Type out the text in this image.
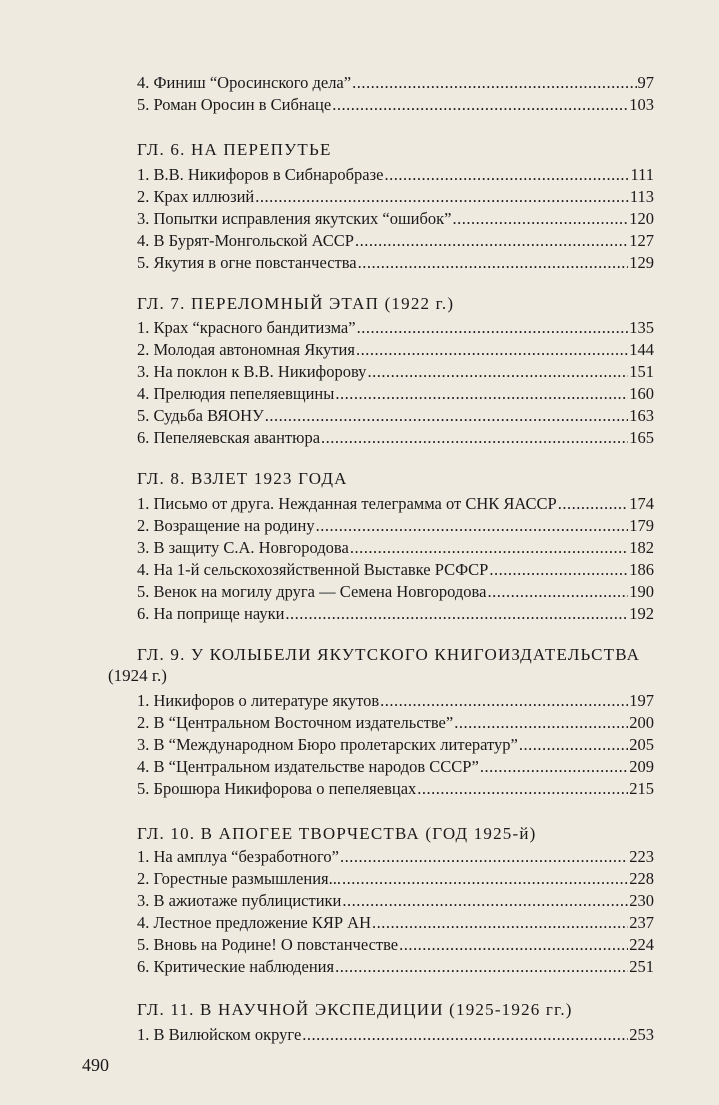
4. Финиш “Оросинского дела” .....	97
5. Роман Оросин в Сибнаце .....	103
ГЛ. 6. НА ПЕРЕПУТЬЕ
1. В.В. Никифоров в Сибнаробразе .....	111
2. Крах иллюзий .....	113
3. Попытки исправления якутских “ошибок” .....	120
4. В Бурят-Монгольской АССР .....	127
5. Якутия в огне повстанчества .....	129
ГЛ. 7. ПЕРЕЛОМНЫЙ ЭТАП (1922 г.)
1. Крах “красного бандитизма” .....	135
2. Молодая автономная Якутия .....	144
3. На поклон к В.В. Никифорову .....	151
4. Прелюдия пепеляевщины .....	160
5. Судьба ВЯОНУ .....	163
6. Пепеляевская авантюра .....	165
ГЛ. 8. ВЗЛЕТ 1923 ГОДА
1. Письмо от друга. Нежданная телеграмма от СНК ЯАССР .....	174
2. Возращение на родину .....	179
3. В защиту С.А. Новгородова .....	182
4. На 1-й сельскохозяйственной Выставке РСФСР .....	186
5. Венок на могилу друга — Семена Новгородова .....	190
6. На поприще науки .....	192
ГЛ. 9. У КОЛЫБЕЛИ ЯКУТСКОГО КНИГОИЗДАТЕЛЬСТВА
(1924 г.)
1. Никифоров о литературе якутов .....	197
2. В “Центральном Восточном издательстве” .....	200
3. В “Международном Бюро пролетарских литератур” .....	205
4. В “Центральном издательстве народов СССР” .....	209
5. Брошюра Никифорова о пепеляевцах .....	215
ГЛ. 10. В АПОГЕЕ ТВОРЧЕСТВА (ГОД 1925-й)
1. На амплуа “безработного” .....	223
2. Горестные размышления... .....	228
3. В ажиотаже публицистики .....	230
4. Лестное предложение КЯР АН .....	237
5. Вновь на Родине! О повстанчестве .....	224
6. Критические наблюдения .....	251
ГЛ. 11. В НАУЧНОЙ ЭКСПЕДИЦИИ (1925-1926 гг.)
1. В Вилюйском округе .....	253
490
